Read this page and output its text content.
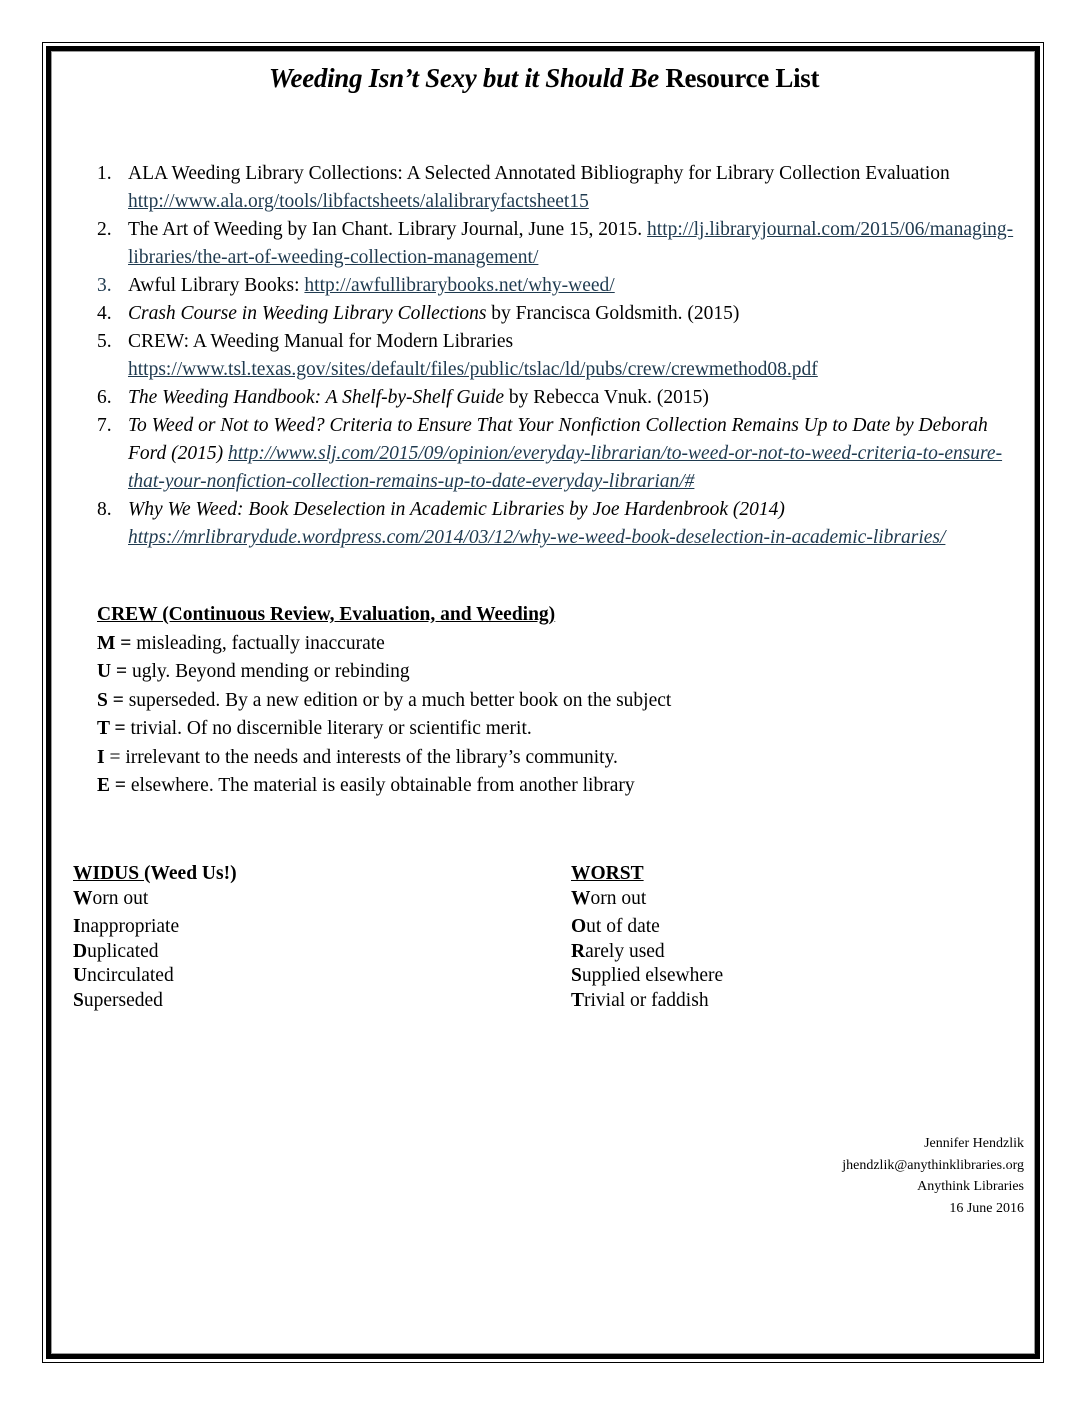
Weeding Isn’t Sexy but it Should Be Resource List
1. ALA Weeding Library Collections: A Selected Annotated Bibliography for Library Collection Evaluation http://www.ala.org/tools/libfactsheets/alalibraryfactsheet15
2. The Art of Weeding by Ian Chant. Library Journal, June 15, 2015. http://lj.libraryjournal.com/2015/06/managing-libraries/the-art-of-weeding-collection-management/
3. Awful Library Books: http://awfullibrarybooks.net/why-weed/
4. Crash Course in Weeding Library Collections by Francisca Goldsmith. (2015)
5. CREW: A Weeding Manual for Modern Libraries
https://www.tsl.texas.gov/sites/default/files/public/tslac/ld/pubs/crew/crewmethod08.pdf
6. The Weeding Handbook: A Shelf-by-Shelf Guide by Rebecca Vnuk. (2015)
7. To Weed or Not to Weed? Criteria to Ensure That Your Nonfiction Collection Remains Up to Date by Deborah Ford (2015) http://www.slj.com/2015/09/opinion/everyday-librarian/to-weed-or-not-to-weed-criteria-to-ensure-that-your-nonfiction-collection-remains-up-to-date-everyday-librarian/#
8. Why We Weed: Book Deselection in Academic Libraries by Joe Hardenbrook (2014)
https://mrlibrarydude.wordpress.com/2014/03/12/why-we-weed-book-deselection-in-academic-libraries/
CREW (Continuous Review, Evaluation, and Weeding)
M = misleading, factually inaccurate
U = ugly. Beyond mending or rebinding
S = superseded. By a new edition or by a much better book on the subject
T = trivial. Of no discernible literary or scientific merit.
I = irrelevant to the needs and interests of the library’s community.
E = elsewhere. The material is easily obtainable from another library
WIDUS (Weed Us!)
Worn out
Inappropriate
Duplicated
Uncirculated
Superseded
WORST
Worn out
Out of date
Rarely used
Supplied elsewhere
Trivial or faddish
Jennifer Hendzlik
jhendzlik@anythinklibraries.org
Anythink Libraries
16 June 2016
